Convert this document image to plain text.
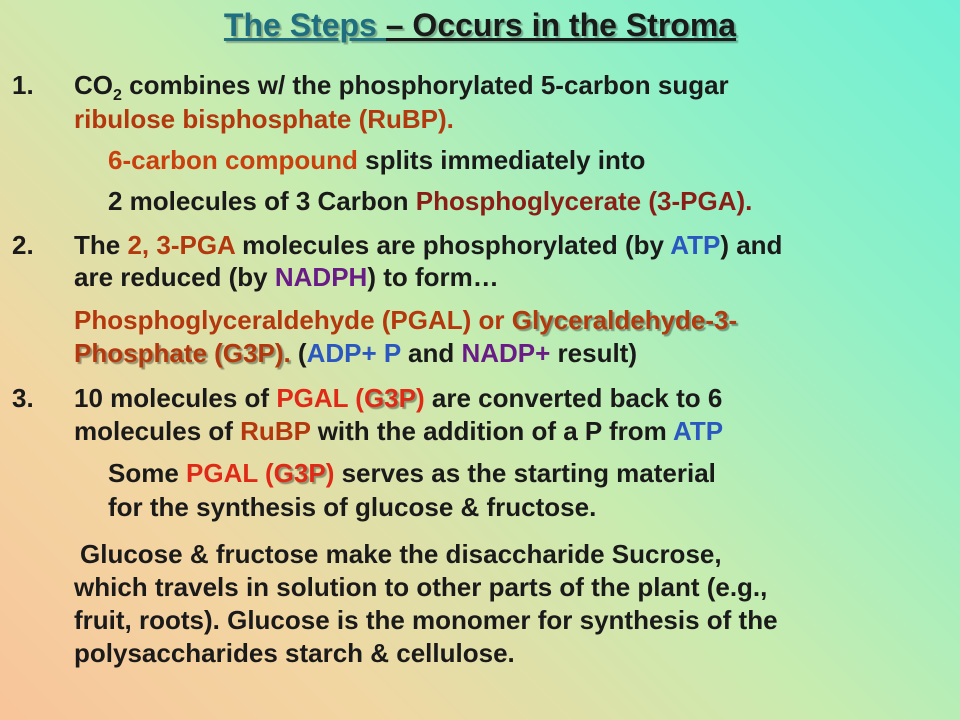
The Steps – Occurs in the Stroma
1. $CO_2$ combines w/ the phosphorylated 5-carbon sugar
ribulose bisphosphate (RuBP).
6-carbon compound splits immediately into
2 molecules of 3 Carbon Phosphoglycerate (3-PGA).
2. The 2, 3-PGA molecules are phosphorylated (by ATP) and
are reduced (by NADPH) to form…
Phosphoglyceraldehyde (PGAL) or Glyceraldehyde-3-
Phosphate (G3P). (ADP+ P and NADP+ result)
3. 10 molecules of PGAL (G3P) are converted back to 6
molecules of RuBP with the addition of a P from ATP
Some PGAL (G3P) serves as the starting material
for the synthesis of glucose & fructose.
Glucose & fructose make the disaccharide Sucrose,
which travels in solution to other parts of the plant (e.g.,
fruit, roots). Glucose is the monomer for synthesis of the
polysaccharides starch & cellulose.
